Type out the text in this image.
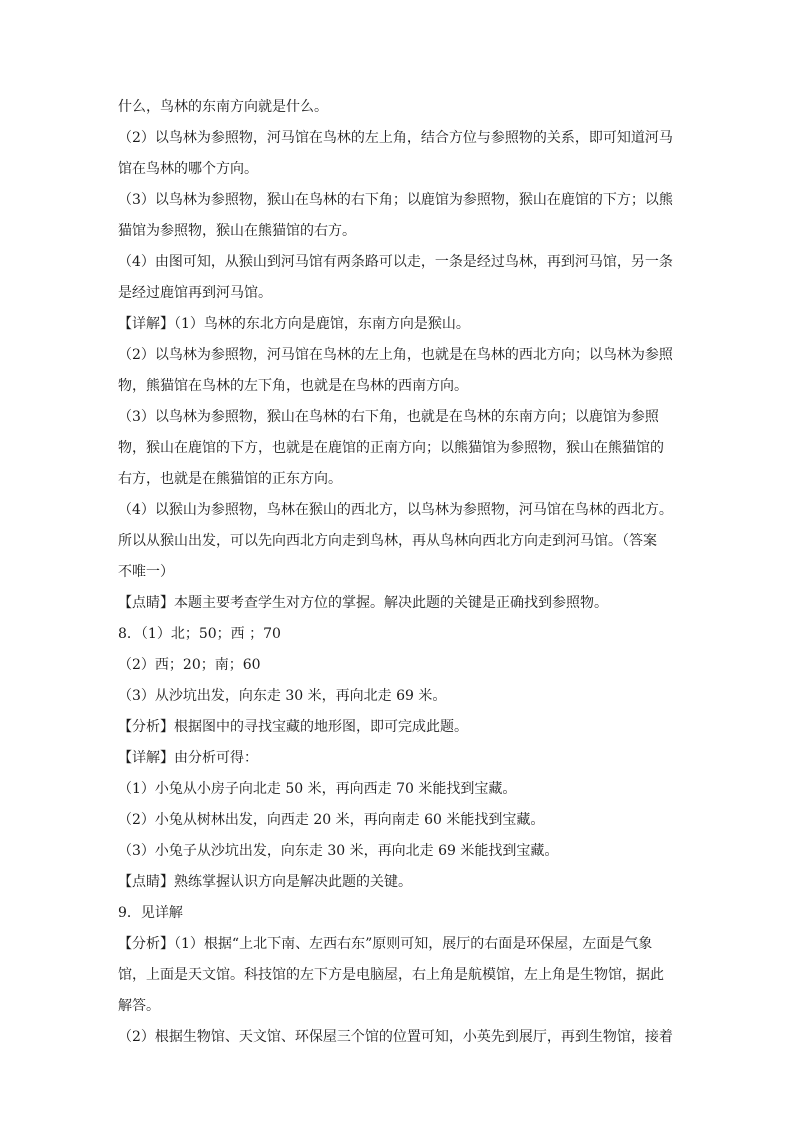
什么，鸟林的东南方向就是什么。
（2）以鸟林为参照物，河马馆在鸟林的左上角，结合方位与参照物的关系，即可知道河马
馆在鸟林的哪个方向。
（3）以鸟林为参照物，猴山在鸟林的右下角；以鹿馆为参照物，猴山在鹿馆的下方；以熊
猫馆为参照物，猴山在熊猫馆的右方。
（4）由图可知，从猴山到河马馆有两条路可以走，一条是经过鸟林，再到河马馆，另一条
是经过鹿馆再到河马馆。
【详解】（1）鸟林的东北方向是鹿馆，东南方向是猴山。
（2）以鸟林为参照物，河马馆在鸟林的左上角，也就是在鸟林的西北方向；以鸟林为参照
物，熊猫馆在鸟林的左下角，也就是在鸟林的西南方向。
（3）以鸟林为参照物，猴山在鸟林的右下角，也就是在鸟林的东南方向；以鹿馆为参照
物，猴山在鹿馆的下方，也就是在鹿馆的正南方向；以熊猫馆为参照物，猴山在熊猫馆的
右方，也就是在熊猫馆的正东方向。
（4）以猴山为参照物，鸟林在猴山的西北方，以鸟林为参照物，河马馆在鸟林的西北方。
所以从猴山出发，可以先向西北方向走到鸟林，再从鸟林向西北方向走到河马馆。（答案
不唯一）
【点睛】本题主要考查学生对方位的掌握。解决此题的关键是正确找到参照物。
8．（1）北；50；西 ；70
（2）西；20；南；60
（3）从沙坑出发，向东走 30 米，再向北走 69 米。
【分析】根据图中的寻找宝藏的地形图，即可完成此题。
【详解】由分析可得：
（1）小兔从小房子向北走 50 米，再向西走 70 米能找到宝藏。
（2）小兔从树林出发，向西走 20 米，再向南走 60 米能找到宝藏。
（3）小兔子从沙坑出发，向东走 30 米，再向北走 69 米能找到宝藏。
【点睛】熟练掌握认识方向是解决此题的关键。
9．见详解
【分析】（1）根据“上北下南、左西右东”原则可知，展厅的右面是环保屋，左面是气象
馆，上面是天文馆。科技馆的左下方是电脑屋，右上角是航模馆，左上角是生物馆，据此
解答。
（2）根据生物馆、天文馆、环保屋三个馆的位置可知，小英先到展厅，再到生物馆，接着
